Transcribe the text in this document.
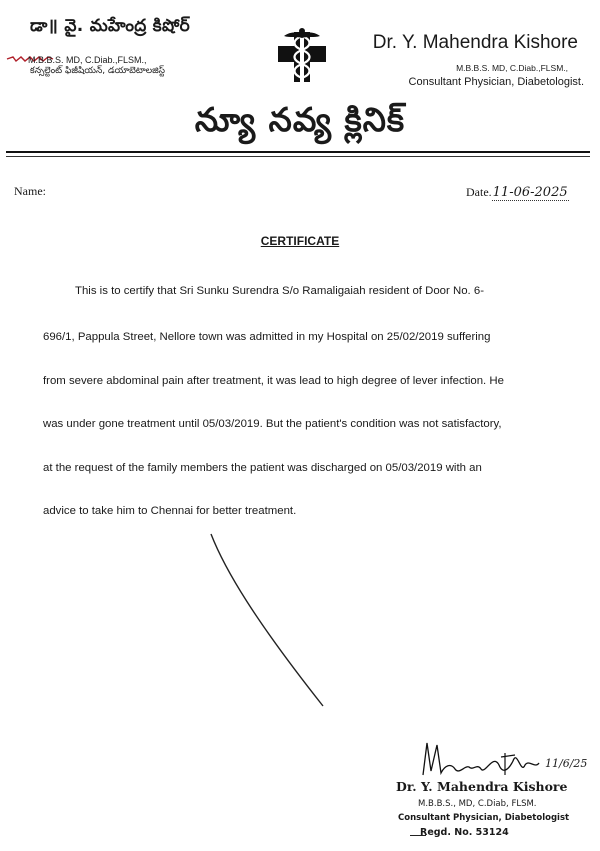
డా॥ వై. మహేంద్ర కిషోర్
M.B.B.S. MD, C.Diab.,FLSM.,
కన్సల్టెంట్ ఫిజీషియన్, డయాబెటాలజిస్ట్
Dr. Y. Mahendra Kishore
M.B.B.S. MD, C.Diab.,FLSM.,
Consultant Physician, Diabetologist.
న్యూ నవ్య క్లినిక్
Name:	Date.11-06-2025
CERTIFICATE
This is to certify that Sri Sunku Surendra S/o Ramaligaiah resident of Door No. 6-
696/1, Pappula Street, Nellore town was admitted in my Hospital on 25/02/2019 suffering
from severe abdominal pain after treatment, it was lead to high degree of lever infection. He
was under gone treatment until 05/03/2019. But the patient's condition was not satisfactory,
at the request of the family members the patient was discharged on 05/03/2019 with an
advice to take him to Chennai for better treatment.
11/6/25
Dr. Y. Mahendra Kishore
M.B.B.S., MD, C.Diab, FLSM.
Consultant Physician, Diabetologist
Regd. No. 53124
